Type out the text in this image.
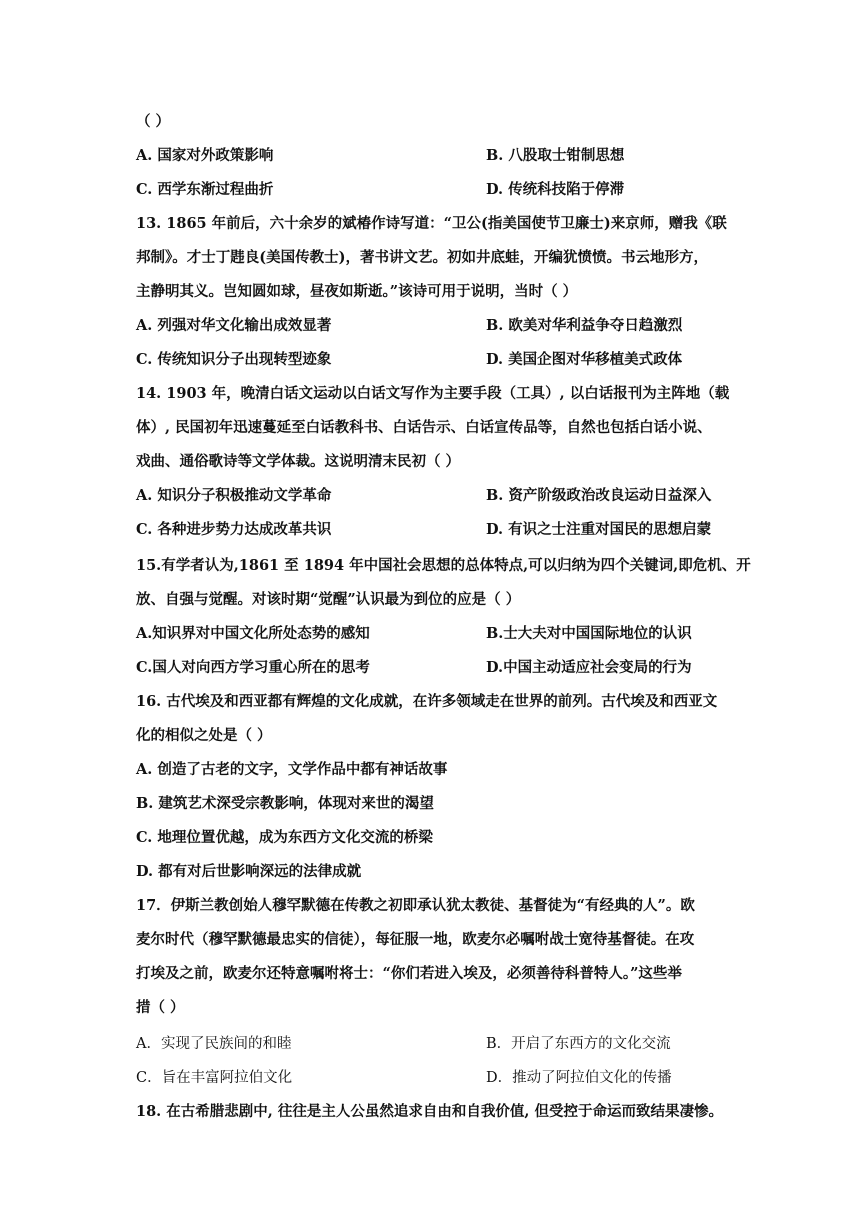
（ ）
A. 国家对外政策影响	B. 八股取士钳制思想
C. 西学东渐过程曲折	D. 传统科技陷于停滞
13. 1865 年前后，六十余岁的斌椿作诗写道：“卫公(指美国使节卫廉士)来京师，赠我《联
邦制》。才士丁韪良(美国传教士)，著书讲文艺。初如井底蛙，开编犹愤愤。书云地形方，
主静明其义。岂知圆如球，昼夜如斯逝。”该诗可用于说明，当时（ ）
A. 列强对华文化输出成效显著	B. 欧美对华利益争夺日趋激烈
C. 传统知识分子出现转型迹象	D. 美国企图对华移植美式政体
14. 1903 年，晚清白话文运动以白话文写作为主要手段（工具）, 以白话报刊为主阵地（载
体）, 民国初年迅速蔓延至白话教科书、白话告示、白话宣传品等，自然也包括白话小说、
戏曲、通俗歌诗等文学体裁。这说明清末民初（ ）
A. 知识分子积极推动文学革命	B. 资产阶级政治改良运动日益深入
C. 各种进步势力达成改革共识	D. 有识之士注重对国民的思想启蒙
15.有学者认为,1861 至 1894 年中国社会思想的总体特点,可以归纳为四个关键词,即危机、开
放、自强与觉醒。对该时期“觉醒”认识最为到位的应是（ ）
A.知识界对中国文化所处态势的感知	B.士大夫对中国国际地位的认识
C.国人对向西方学习重心所在的思考	D.中国主动适应社会变局的行为
16. 古代埃及和西亚都有辉煌的文化成就，在许多领域走在世界的前列。古代埃及和西亚文
化的相似之处是（ ）
A. 创造了古老的文字，文学作品中都有神话故事
B. 建筑艺术深受宗教影响，体现对来世的渴望
C. 地理位置优越，成为东西方文化交流的桥梁
D. 都有对后世影响深远的法律成就
17．伊斯兰教创始人穆罕默德在传教之初即承认犹太教徒、基督徒为“有经典的人”。欧
麦尔时代（穆罕默德最忠实的信徒），每征服一地，欧麦尔必嘱咐战士宽待基督徒。在攻
打埃及之前，欧麦尔还特意嘱咐将士：“你们若进入埃及，必须善待科普特人。”这些举
措（ ）
A．实现了民族间的和睦	B．开启了东西方的文化交流
C．旨在丰富阿拉伯文化	D．推动了阿拉伯文化的传播
18. 在古希腊悲剧中, 往往是主人公虽然追求自由和自我价值, 但受控于命运而致结果凄惨。
